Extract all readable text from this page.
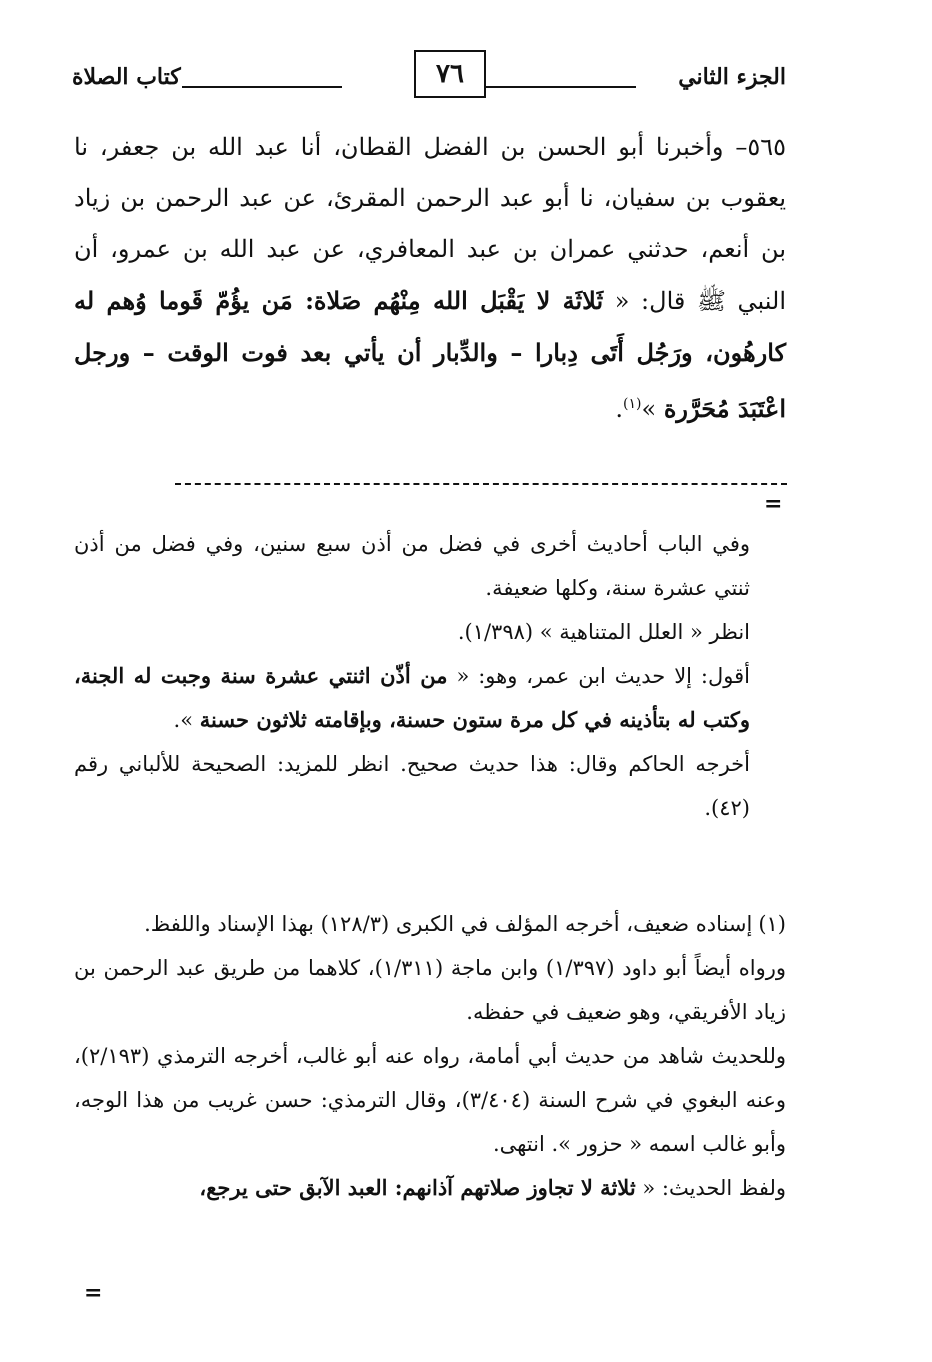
الجزء الثاني
٧٦
كتاب الصلاة

٥٦٥– وأخبرنا أبو الحسن بن الفضل القطان، أنا عبد الله بن جعفر، نا يعقوب بن سفيان، نا أبو عبد الرحمن المقرئ، عن عبد الرحمن بن زياد بن أنعم، حدثني عمران بن عبد المعافري، عن عبد الله بن عمرو، أن النبي ﷺ قال: « ثَلاثَة لا يَقْبَل الله مِنْهُم صَلاة: مَن يؤُمّ قَوما وُهم له كارهُون، ورَجُل أَتَى دِبارا – والدِّبار أن يأتي بعد فوت الوقت – ورجل اعْتَبَدَ مُحَرَّرة »$^{(١)}$.

=

وفي الباب أحاديث أخرى في فضل من أذن سبع سنين، وفي فضل من أذن ثنتي عشرة سنة، وكلها ضعيفة.

انظر « العلل المتناهية » (١/٣٩٨).

أقول: إلا حديث ابن عمر، وهو: « من أذّن اثنتي عشرة سنة وجبت له الجنة، وكتب له بتأذينه في كل مرة ستون حسنة، وبإقامته ثلاثون حسنة ».

أخرجه الحاكم وقال: هذا حديث صحيح. انظر للمزيد: الصحيحة للألباني رقم (٤٢).

(١)إسناده ضعيف، أخرجه المؤلف في الكبرى (١٢٨/٣) بهذا الإسناد واللفظ.

ورواه أيضاً أبو داود (١/٣٩٧) وابن ماجة (١/٣١١)، كلاهما من طريق عبد الرحمن بن زياد الأفريقي، وهو ضعيف في حفظه.

وللحديث شاهد من حديث أبي أمامة، رواه عنه أبو غالب، أخرجه الترمذي (٢/١٩٣)، وعنه البغوي في شرح السنة (٣/٤٠٤)، وقال الترمذي: حسن غريب من هذا الوجه، وأبو غالب اسمه « حزور ». انتهى.

ولفظ الحديث: « ثلاثة لا تجاوز صلاتهم آذانهم: العبد الآبق حتى يرجع،

=
